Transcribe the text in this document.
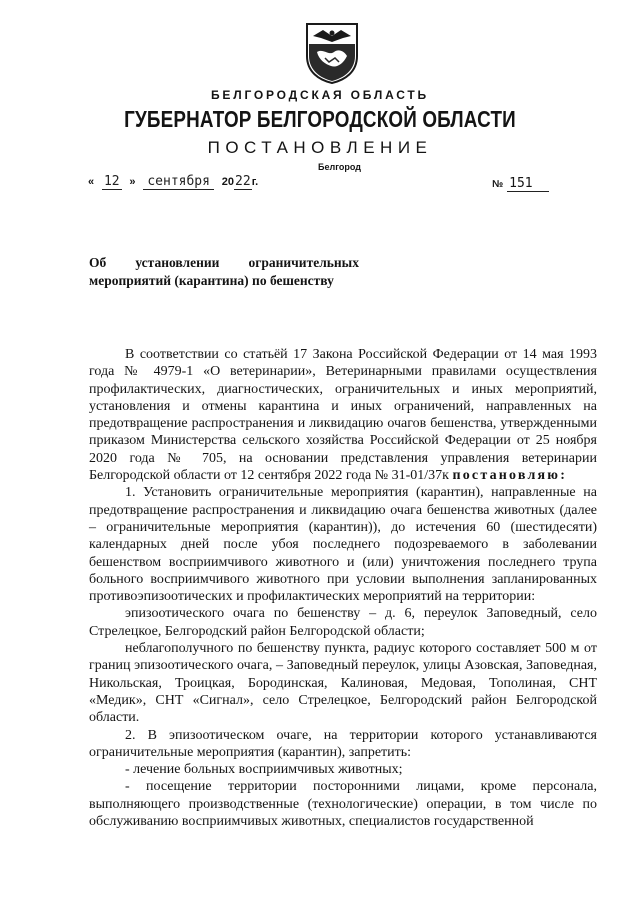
БЕЛГОРОДСКАЯ ОБЛАСТЬ
ГУБЕРНАТОР БЕЛГОРОДСКОЙ ОБЛАСТИ
ПОСТАНОВЛЕНИЕ
Белгород
« 12 » сентября 2022г.	№ 151
Об установлении ограничительных
мероприятий (карантина) по бешенству

В соответствии со статьёй 17 Закона Российской Федерации от 14 мая 1993 года № 4979-1 «О ветеринарии», Ветеринарными правилами осуществления профилактических, диагностических, ограничительных и иных мероприятий, установления и отмены карантина и иных ограничений, направленных на предотвращение распространения и ликвидацию очагов бешенства, утвержденными приказом Министерства сельского хозяйства Российской Федерации от 25 ноября 2020 года № 705, на основании представления управления ветеринарии Белгородской области от 12 сентября 2022 года № 31-01/37к постановляю:

1. Установить ограничительные мероприятия (карантин), направленные на предотвращение распространения и ликвидацию очага бешенства животных (далее – ограничительные мероприятия (карантин)), до истечения 60 (шестидесяти) календарных дней после убоя последнего подозреваемого в заболевании бешенством восприимчивого животного и (или) уничтожения последнего трупа больного восприимчивого животного при условии выполнения запланированных противоэпизоотических и профилактических мероприятий на территории:

эпизоотического очага по бешенству – д. 6, переулок Заповедный, село Стрелецкое, Белгородский район Белгородской области;

неблагополучного по бешенству пункта, радиус которого составляет 500 м от границ эпизоотического очага, – Заповедный переулок, улицы Азовская, Заповедная, Никольская, Троицкая, Бородинская, Калиновая, Медовая, Тополиная, СНТ «Медик», СНТ «Сигнал», село Стрелецкое, Белгородский район Белгородской области.

2. В эпизоотическом очаге, на территории которого устанавливаются ограничительные мероприятия (карантин), запретить:

- лечение больных восприимчивых животных;

- посещение территории посторонними лицами, кроме персонала, выполняющего производственные (технологические) операции, в том числе по обслуживанию восприимчивых животных, специалистов государственной
